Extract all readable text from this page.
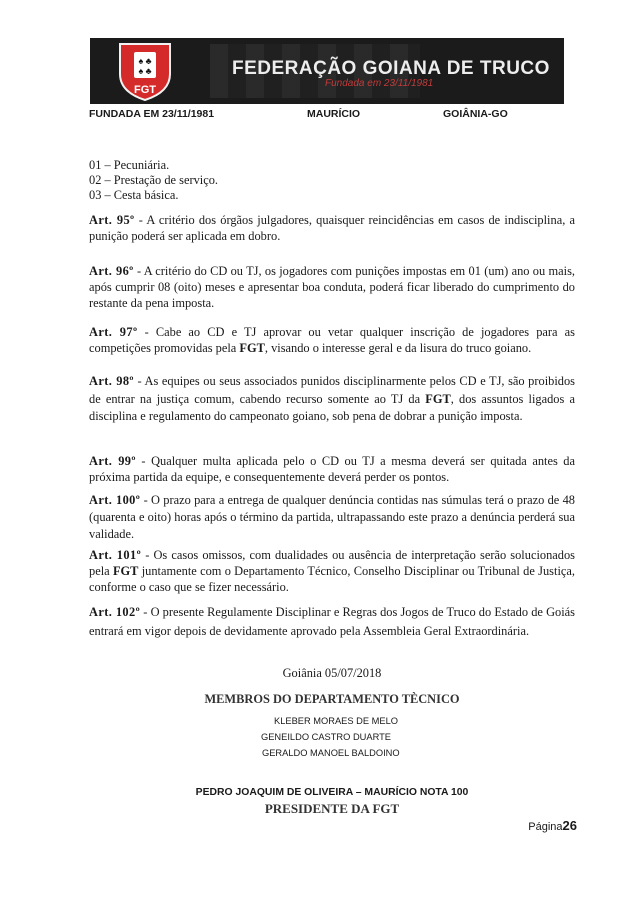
♠ ♣
♠ ♣
FGT
FEDERAÇÃO GOIANA DE TRUCO
Fundada em 23/11/1981
FUNDADA EM 23/11/1981	MAURÍCIO	GOIÂNIA-GO
01 – Pecuniária.
02 – Prestação de serviço.
03 – Cesta básica.

Art. 95º - A critério dos órgãos julgadores, quaisquer reincidências em casos de indisciplina, a punição poderá ser aplicada em dobro.

Art. 96º - A critério do CD ou TJ, os jogadores com punições impostas em 01 (um) ano ou mais, após cumprir 08 (oito) meses e apresentar boa conduta, poderá ficar liberado do cumprimento do restante da pena imposta.

Art. 97º - Cabe ao CD e TJ aprovar ou vetar qualquer inscrição de jogadores para as competições promovidas pela FGT, visando o interesse geral e da lisura do truco goiano.

Art. 98º - As equipes ou seus associados punidos disciplinarmente pelos CD e TJ, são proibidos de entrar na justiça comum, cabendo recurso somente ao TJ da FGT, dos assuntos ligados a disciplina e regulamento do campeonato goiano, sob pena de dobrar a punição imposta.

Art. 99º - Qualquer multa aplicada pelo o CD ou TJ a mesma deverá ser quitada antes da próxima partida da equipe, e consequentemente deverá perder os pontos.

Art. 100º - O prazo para a entrega de qualquer denúncia contidas nas súmulas terá o prazo de 48 (quarenta e oito) horas após o término da partida, ultrapassando este prazo a denúncia perderá sua validade.

Art. 101º - Os casos omissos, com dualidades ou ausência de interpretação serão solucionados pela FGT juntamente com o Departamento Técnico, Conselho Disciplinar ou Tribunal de Justiça, conforme o caso que se fizer necessário.

Art. 102º - O presente Regulamente Disciplinar e Regras dos Jogos de Truco do Estado de Goiás entrará em vigor depois de devidamente aprovado pela Assembleia Geral Extraordinária.

Goiânia 05/07/2018
MEMBROS DO DEPARTAMENTO TÈCNICO
KLEBER MORAES DE MELO
GENEILDO CASTRO DUARTE
GERALDO MANOEL BALDOINO
PEDRO JOAQUIM DE OLIVEIRA – MAURÍCIO NOTA 100
PRESIDENTE DA FGT
Página26
